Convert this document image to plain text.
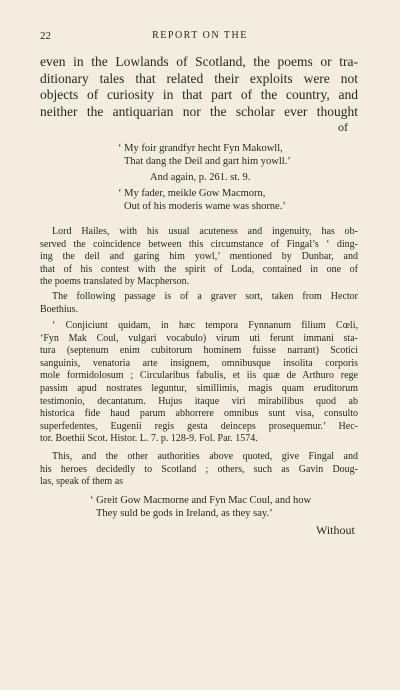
22	REPORT ON THE
even in the Lowlands of Scotland, the poems or tra-
ditionary tales that related their exploits were not
objects of curiosity in that part of the country, and
neither the antiquarian nor the scholar ever thought
of
‘ My foir grandfyr hecht Fyn Makowll,
That dang the Deil and gart him yowll.’
And again, p. 261. st. 9.
‘ My fader, meikle Gow Macmorn,
Out of his moderis wame was shorne.’
Lord Hailes, with his usual acuteness and ingenuity, has ob-
served the coincidence between this circumstance of Fingal’s ‘ ding-
ing the deil and garing him yowl,’ mentioned by Dunbar, and
that of his contest with the spirit of Loda, contained in one of
the poems translated by Macpherson.
The following passage is of a graver sort, taken from Hector
Boethius.
‘ Conjiciunt quidam, in hæc tempora Fynnanum filium Cœli,
‘Fyn Mak Coul, vulgari vocabulo) virum uti ferunt immani sta-
tura (septenum enim cubitorum hominem fuisse narrant) Scotici
sanguinis, venatoria arte insignem, omnibusque insolita corporis
mole formidolosum ; Circularibus fabulis, et iis quæ de Arthuro rege
passim apud nostrates leguntur, simillimis, magis quam eruditorum
testimonio, decantatum. Hujus itaque viri mirabilibus quod ab
historica fide haud parum abhorrere omnibus sunt visa, consulto
superfedentes, Eugenii regis gesta deinceps prosequemur.’ Hec-
tor. Boethii Scot. Histor. L. 7. p. 128-9. Fol. Par. 1574.
This, and the other authorities above quoted, give Fingal and
his heroes decidedly to Scotland ; others, such as Gavin Doug-
las, speak of them as
‘ Greit Gow Macmorne and Fyn Mac Coul, and how
They suld be gods in Ireland, as they say.’
Without
